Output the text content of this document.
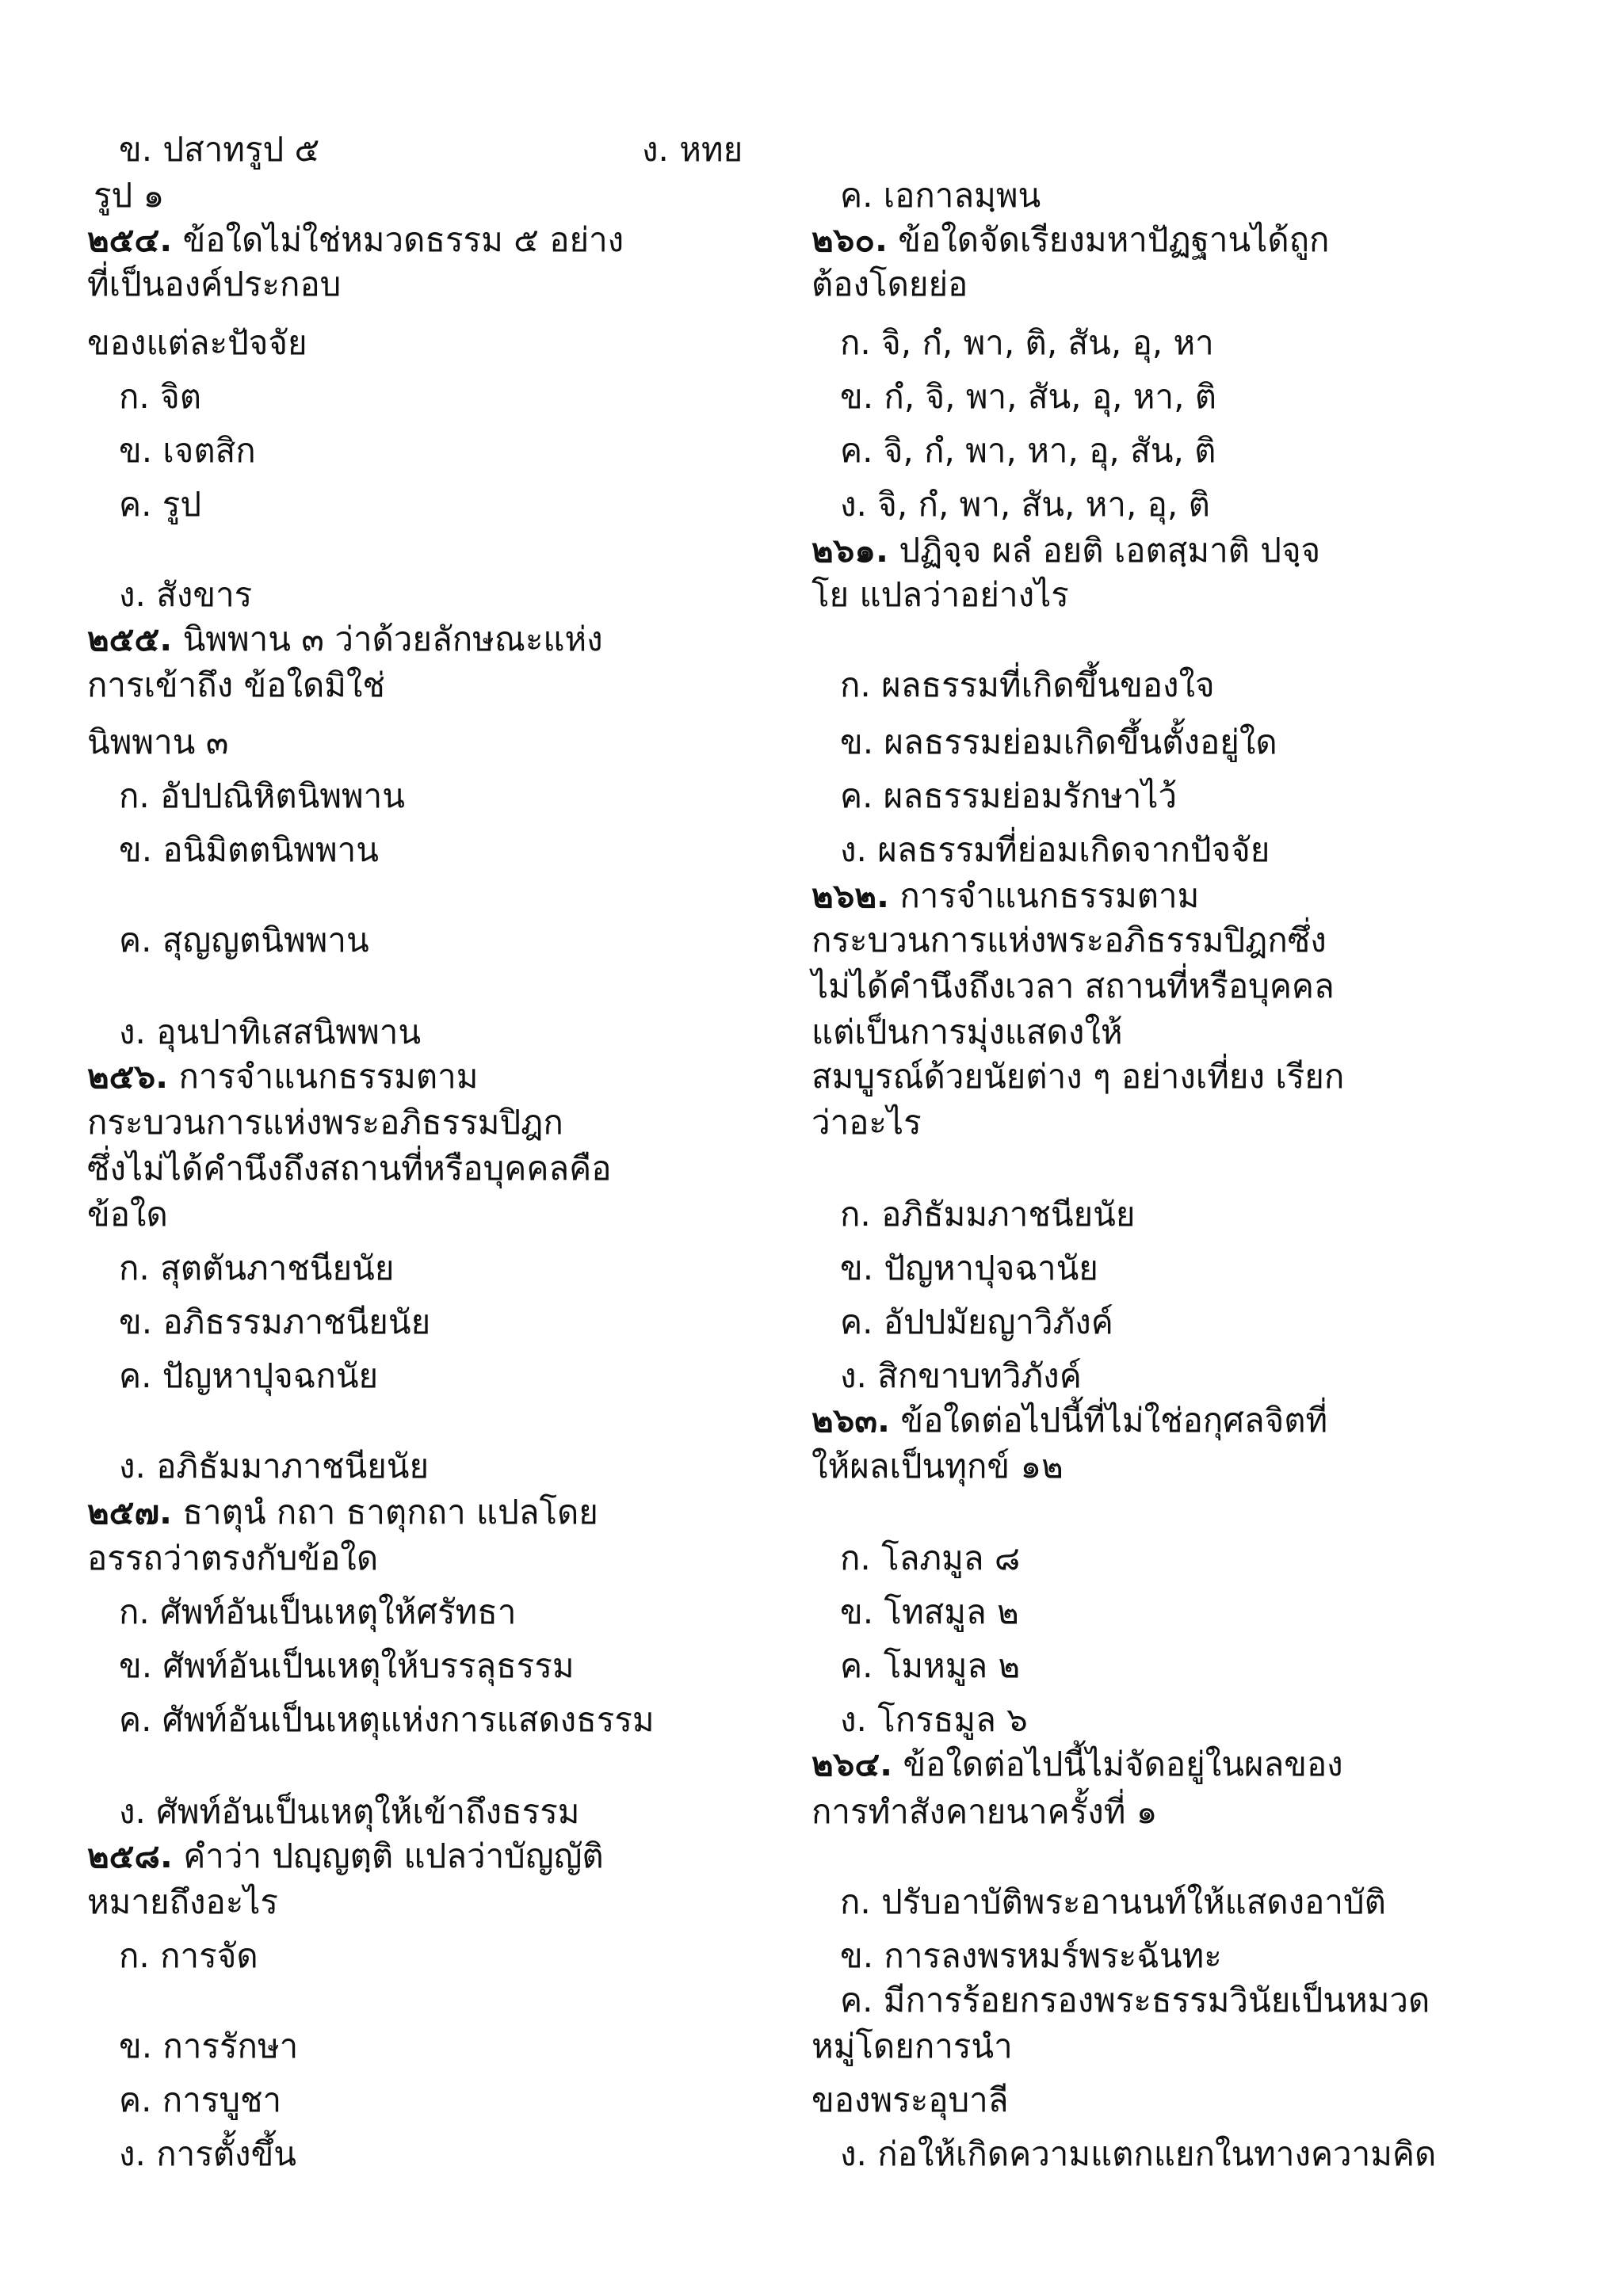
ข. ปสาทรูป ๕	ง. หทย
รูป ๑
๒๕๔. ข้อใดไม่ใช่หมวดธรรม ๕ อย่าง
ที่เป็นองค์ประกอบ
ของแต่ละปัจจัย
ก. จิต
ข. เจตสิก
ค. รูป
ง. สังขาร
๒๕๕. นิพพาน ๓ ว่าด้วยลักษณะแห่ง
การเข้าถึง ข้อใดมิใช่
นิพพาน ๓
ก. อัปปณิหิตนิพพาน
ข. อนิมิตตนิพพาน
ค. สุญญตนิพพาน
ง. อุนปาทิเสสนิพพาน
๒๕๖. การจำแนกธรรมตาม
กระบวนการแห่งพระอภิธรรมปิฎก
ซึ่งไม่ได้คำนึงถึงสถานที่หรือบุคคลคือ
ข้อใด
ก. สุตตันภาชนียนัย
ข. อภิธรรมภาชนียนัย
ค. ปัญหาปุจฉกนัย
ง. อภิธัมมาภาชนียนัย
๒๕๗. ธาตุนํ กถา ธาตุกถา แปลโดย
อรรถว่าตรงกับข้อใด
ก. ศัพท์อันเป็นเหตุให้ศรัทธา
ข. ศัพท์อันเป็นเหตุให้บรรลุธรรม
ค. ศัพท์อันเป็นเหตุแห่งการแสดงธรรม
ง. ศัพท์อันเป็นเหตุให้เข้าถึงธรรม
๒๕๘. คำว่า ปญฺญตฺติ แปลว่าบัญญัติ
หมายถึงอะไร
ก. การจัด
ข. การรักษา
ค. การบูชา
ง. การตั้งขึ้น
ค. เอกาลมฺพน
๒๖๐. ข้อใดจัดเรียงมหาปัฏฐานได้ถูก
ต้องโดยย่อ
ก. จิ, กํ, พา, ติ, สัน, อุ, หา
ข. กํ, จิ, พา, สัน, อุ, หา, ติ
ค. จิ, กํ, พา, หา, อุ, สัน, ติ
ง. จิ, กํ, พา, สัน, หา, อุ, ติ
๒๖๑. ปฏิจฺจ ผลํ อยติ เอตสฺมาติ ปจฺจ
โย แปลว่าอย่างไร
ก. ผลธรรมที่เกิดขึ้นของใจ
ข. ผลธรรมย่อมเกิดขึ้นตั้งอยู่ใด
ค. ผลธรรมย่อมรักษาไว้
ง. ผลธรรมที่ย่อมเกิดจากปัจจัย
๒๖๒. การจำแนกธรรมตาม
กระบวนการแห่งพระอภิธรรมปิฎกซึ่ง
ไม่ได้คำนึงถึงเวลา สถานที่หรือบุคคล
แต่เป็นการมุ่งแสดงให้
สมบูรณ์ด้วยนัยต่าง ๆ อย่างเที่ยง เรียก
ว่าอะไร
ก. อภิธัมมภาชนียนัย
ข. ปัญหาปุจฉานัย
ค. อัปปมัยญาวิภังค์
ง. สิกขาบทวิภังค์
๒๖๓. ข้อใดต่อไปนี้ที่ไม่ใช่อกุศลจิตที่
ให้ผลเป็นทุกข์ ๑๒
ก. โลภมูล ๘
ข. โทสมูล ๒
ค. โมหมูล ๒
ง. โกรธมูล ๖
๒๖๔. ข้อใดต่อไปนี้ไม่จัดอยู่ในผลของ
การทำสังคายนาครั้งที่ ๑
ก. ปรับอาบัติพระอานนท์ให้แสดงอาบัติ
ข. การลงพรหมร์พระฉันทะ
ค. มีการร้อยกรองพระธรรมวินัยเป็นหมวด
หมู่โดยการนำ
ของพระอุบาลี
ง. ก่อให้เกิดความแตกแยกในทางความคิด
